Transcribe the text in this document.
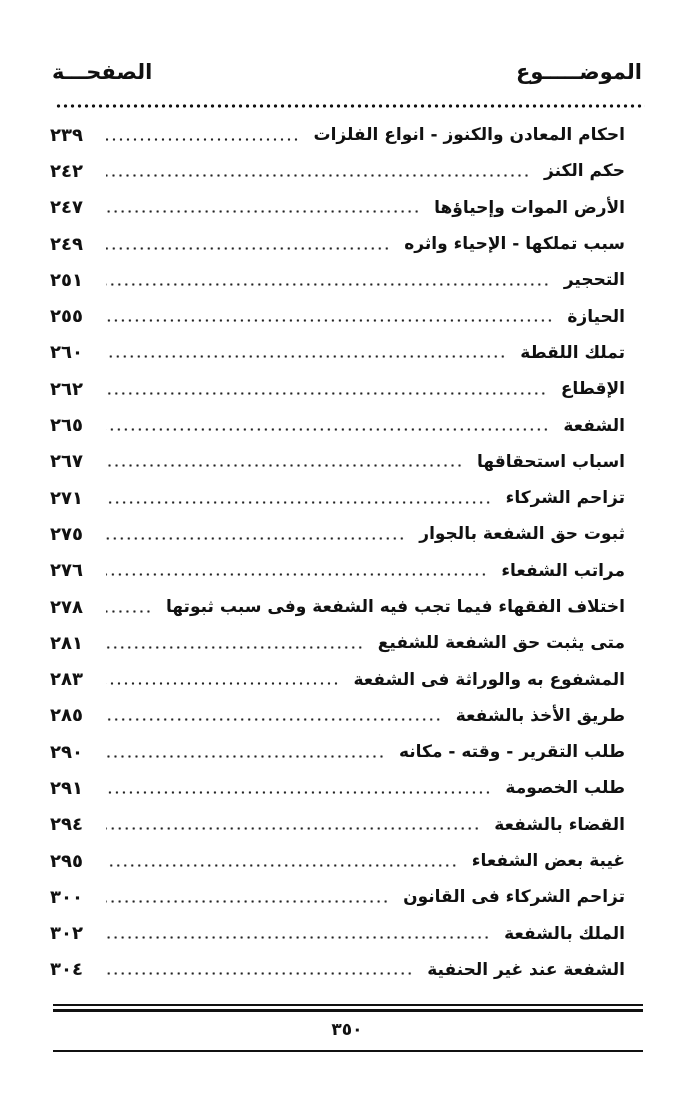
الموضـــــوع
الصفحـــة
احكام المعادن والكنوز - انواع الفلزات
٢٣٩
حكم الكنز
٢٤٢
الأرض الموات وإحياؤها
٢٤٧
سبب تملكها - الإحياء واثره
٢٤٩
التحجير
٢٥١
الحيازة
٢٥٥
تملك اللقطة
٢٦٠
الإقطاع
٢٦٢
الشفعة
٢٦٥
اسباب استحقاقها
٢٦٧
تزاحم الشركاء
٢٧١
ثبوت حق الشفعة بالجوار
٢٧٥
مراتب الشفعاء
٢٧٦
اختلاف الفقهاء فيما تجب فيه الشفعة وفى سبب ثبوتها
٢٧٨
متى يثبت حق الشفعة للشفيع
٢٨١
المشفوع به والوراثة فى الشفعة
٢٨٣
طريق الأخذ بالشفعة
٢٨٥
طلب التقرير - وقته - مكانه
٢٩٠
طلب الخصومة
٢٩١
القضاء بالشفعة
٢٩٤
غيبة بعض الشفعاء
٢٩٥
تزاحم الشركاء فى القانون
٣٠٠
الملك بالشفعة
٣٠٢
الشفعة عند غير الحنفية
٣٠٤
٣٥٠
